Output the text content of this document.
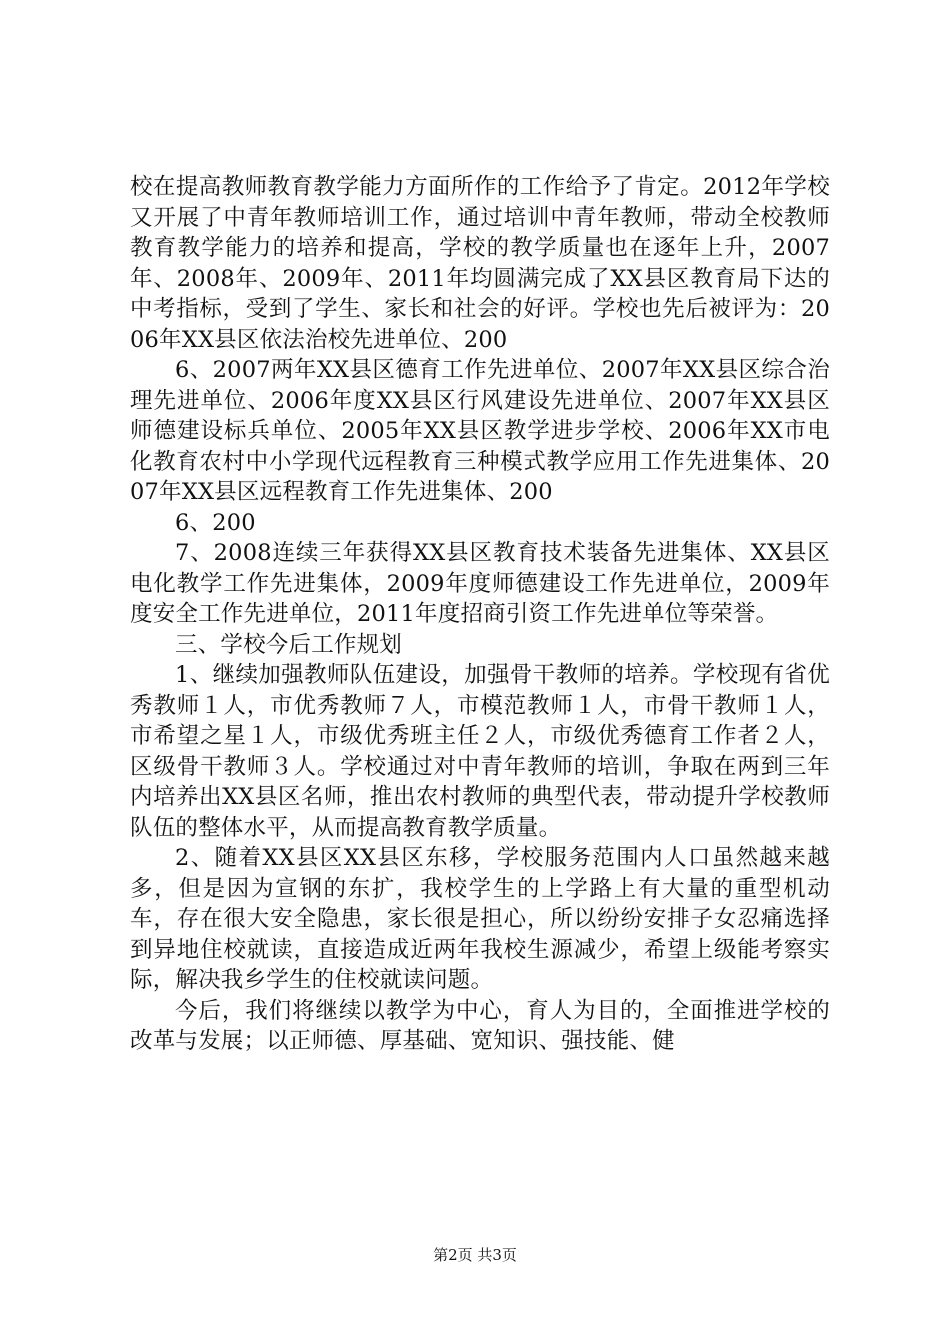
校在提高教师教育教学能力方面所作的工作给予了肯定。2012年学校又开展了中青年教师培训工作，通过培训中青年教师，带动全校教师教育教学能力的培养和提高，学校的教学质量也在逐年上升，2007年、2008年、2009年、2011年均圆满完成了XX县区教育局下达的中考指标，受到了学生、家长和社会的好评。学校也先后被评为：2006年XX县区依法治校先进单位、200

6、2007两年XX县区德育工作先进单位、2007年XX县区综合治理先进单位、2006年度XX县区行风建设先进单位、2007年XX县区师德建设标兵单位、2005年XX县区教学进步学校、2006年XX市电化教育农村中小学现代远程教育三种模式教学应用工作先进集体、2007年XX县区远程教育工作先进集体、200

6、200

7、2008连续三年获得XX县区教育技术装备先进集体、XX县区电化教学工作先进集体，2009年度师德建设工作先进单位，2009年度安全工作先进单位，2011年度招商引资工作先进单位等荣誉。

三、学校今后工作规划

1、继续加强教师队伍建设，加强骨干教师的培养。学校现有省优秀教师１人，市优秀教师７人，市模范教师１人，市骨干教师１人，市希望之星１人，市级优秀班主任２人，市级优秀德育工作者２人，区级骨干教师３人。学校通过对中青年教师的培训，争取在两到三年内培养出XX县区名师，推出农村教师的典型代表，带动提升学校教师队伍的整体水平，从而提高教育教学质量。

2、随着XX县区XX县区东移，学校服务范围内人口虽然越来越多，但是因为宣钢的东扩，我校学生的上学路上有大量的重型机动车，存在很大安全隐患，家长很是担心，所以纷纷安排子女忍痛选择到异地住校就读，直接造成近两年我校生源减少，希望上级能考察实际，解决我乡学生的住校就读问题。

今后，我们将继续以教学为中心，育人为目的，全面推进学校的改革与发展；以正师德、厚基础、宽知识、强技能、健

第2页 共3页
